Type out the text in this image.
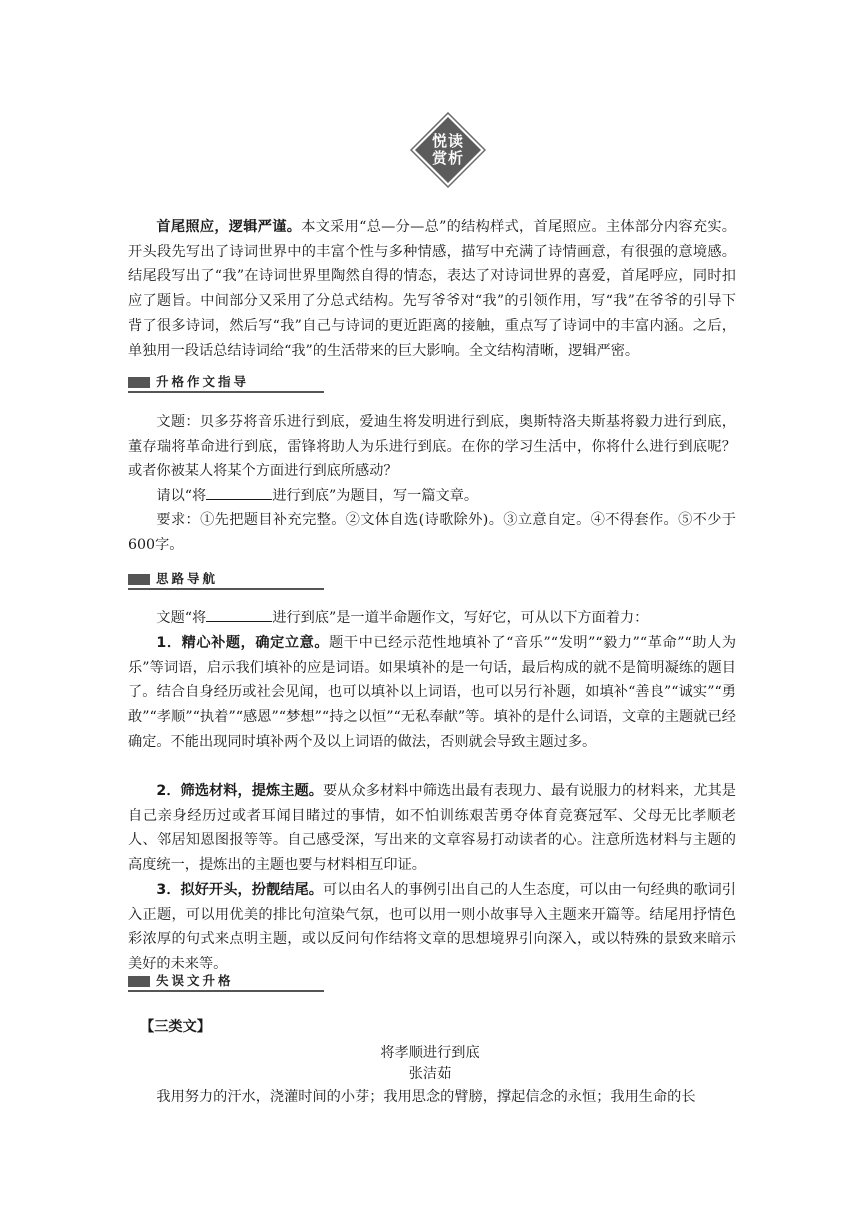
悦读
赏析

首尾照应，逻辑严谨。本文采用“总—分—总”的结构样式，首尾照应。主体部分内容充实。开头段先写出了诗词世界中的丰富个性与多种情感，描写中充满了诗情画意，有很强的意境感。结尾段写出了“我”在诗词世界里陶然自得的情态，表达了对诗词世界的喜爱，首尾呼应，同时扣应了题旨。中间部分又采用了分总式结构。先写爷爷对“我”的引领作用，写“我”在爷爷的引导下背了很多诗词，然后写“我”自己与诗词的更近距离的接触，重点写了诗词中的丰富内涵。之后，单独用一段话总结诗词给“我”的生活带来的巨大影响。全文结构清晰，逻辑严密。

升格作文指导

文题：贝多芬将音乐进行到底，爱迪生将发明进行到底，奥斯特洛夫斯基将毅力进行到底，董存瑞将革命进行到底，雷锋将助人为乐进行到底。在你的学习生活中，你将什么进行到底呢？或者你被某人将某个方面进行到底所感动？

请以“将	进行到底”为题目，写一篇文章。

要求：①先把题目补充完整。②文体自选(诗歌除外)。③立意自定。④不得套作。⑤不少于600字。

思路导航

文题“将	进行到底”是一道半命题作文，写好它，可从以下方面着力：

1．精心补题，确定立意。题干中已经示范性地填补了“音乐”“发明”“毅力”“革命”“助人为乐”等词语，启示我们填补的应是词语。如果填补的是一句话，最后构成的就不是简明凝练的题目了。结合自身经历或社会见闻，也可以填补以上词语，也可以另行补题，如填补“善良”“诚实”“勇敢”“孝顺”“执着”“感恩”“梦想”“持之以恒”“无私奉献”等。填补的是什么词语，文章的主题就已经确定。不能出现同时填补两个及以上词语的做法，否则就会导致主题过多。

2．筛选材料，提炼主题。要从众多材料中筛选出最有表现力、最有说服力的材料来，尤其是自己亲身经历过或者耳闻目睹过的事情，如不怕训练艰苦勇夺体育竞赛冠军、父母无比孝顺老人、邻居知恩图报等等。自己感受深，写出来的文章容易打动读者的心。注意所选材料与主题的高度统一，提炼出的主题也要与材料相互印证。

3．拟好开头，扮靓结尾。可以由名人的事例引出自己的人生态度，可以由一句经典的歌词引入正题，可以用优美的排比句渲染气氛，也可以用一则小故事导入主题来开篇等。结尾用抒情色彩浓厚的句式来点明主题，或以反问句作结将文章的思想境界引向深入，或以特殊的景致来暗示美好的未来等。

失误文升格
【三类文】
将孝顺进行到底
张洁茹

我用努力的汗水，浇灌时间的小芽；我用思念的臂膀，撑起信念的永恒；我用生命的长
